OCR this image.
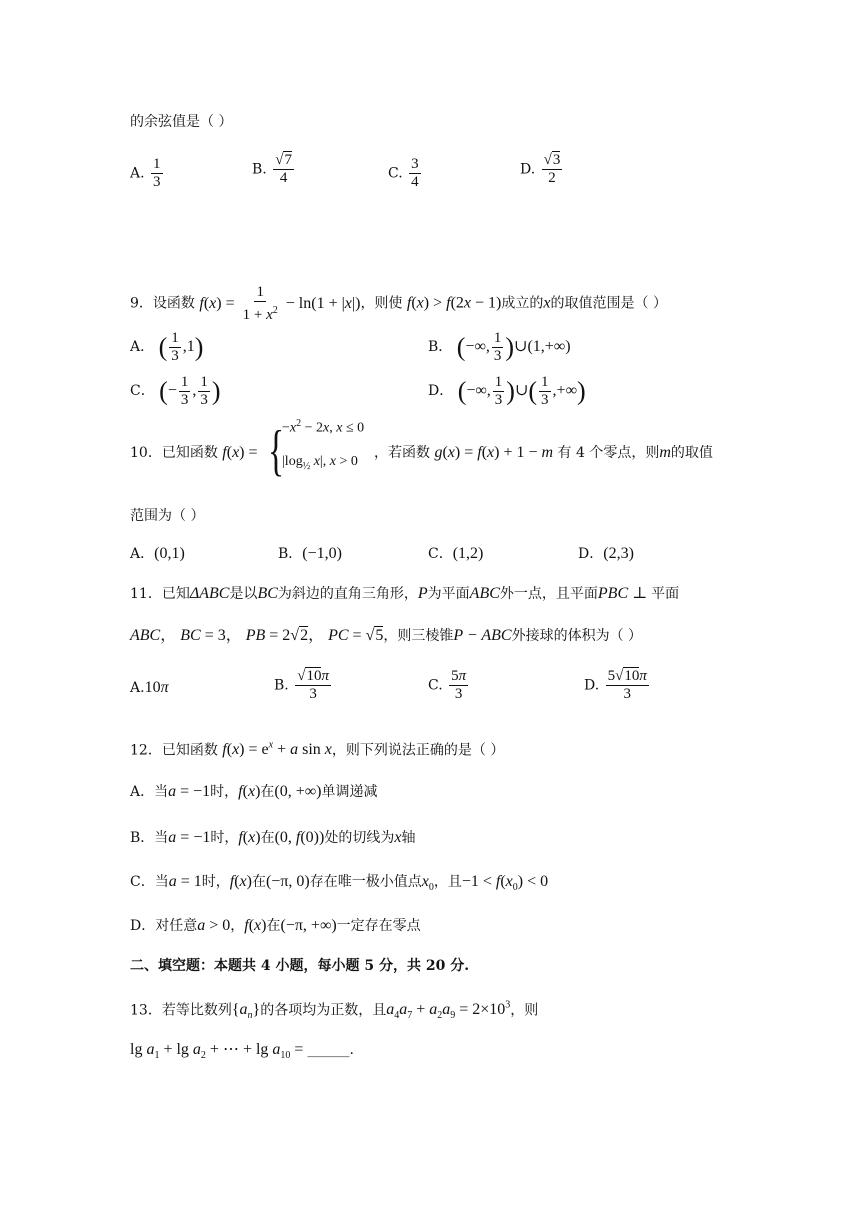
的余弦值是（ ）
A. $\frac{1}{3}$	B. $\frac{√7}{4}$	C. $\frac{3}{4}$	D. $\frac{√3}{2}$
9．设函数 $f(x) = \frac{1}{1 + x^2} - \ln(1 + |x|)$，则使 f(x) > f(2x − 1)成立的x的取值范围是（ ）
A． ( $\frac{1}{3} ,1$)	B． (−∞, $\frac{1}{3}$ )∪(1,+∞)
C． (− $\frac{1}{3}$ , $\frac{1}{3}$ )	D． (−∞, $\frac{1}{3}$ )∪( $\frac{1}{3}$ ,+∞)
10．已知函数 f(x) = {
$-x^2 - 2x$, x ≤ 0
$|\log_{\frac{1}{2}}$ x|, x > 0
，若函数 g(x) = f(x) + 1 − m 有 4 个零点，则m的取值
范围为（ ）
A．(0,1)	B．(−1,0)	C．(1,2)	D．(2,3)
11．已知ΔABC是以BC为斜边的直角三角形，P为平面ABC外一点，且平面PBC ⊥ 平面
ABC， BC = 3， PB = 2√2， PC = √5，则三棱锥P − ABC外接球的体积为（ ）
A.10π	B. $\frac{√10\pi}{3}$	C. $\frac{5\pi}{3}$	D. $\frac{5√10\pi}{3}$
12．已知函数 $f(x) = e^x + a$ sin x，则下列说法正确的是（ ）
A．当a = −1时，f(x)在(0, +∞)单调递减
B．当a = −1时，f(x)在(0, f(0))处的切线为x轴
C．当a = 1时，f(x)在(−π, 0)存在唯一极小值点$x_0$，且$-1 < f(x_0) < 0$
D．对任意a > 0，f(x)在(−π, +∞)一定存在零点
二、填空题：本题共 4 小题，每小题 5 分，共 20 分.
13．若等比数列$\{a_n\}$的各项均为正数，且$a_4a_7 + a_2a_9 = 2\times 10^3$，则
$\lg a_1 + \lg a_2$ + ⋯ + $\lg a_{10}$ = ______.
